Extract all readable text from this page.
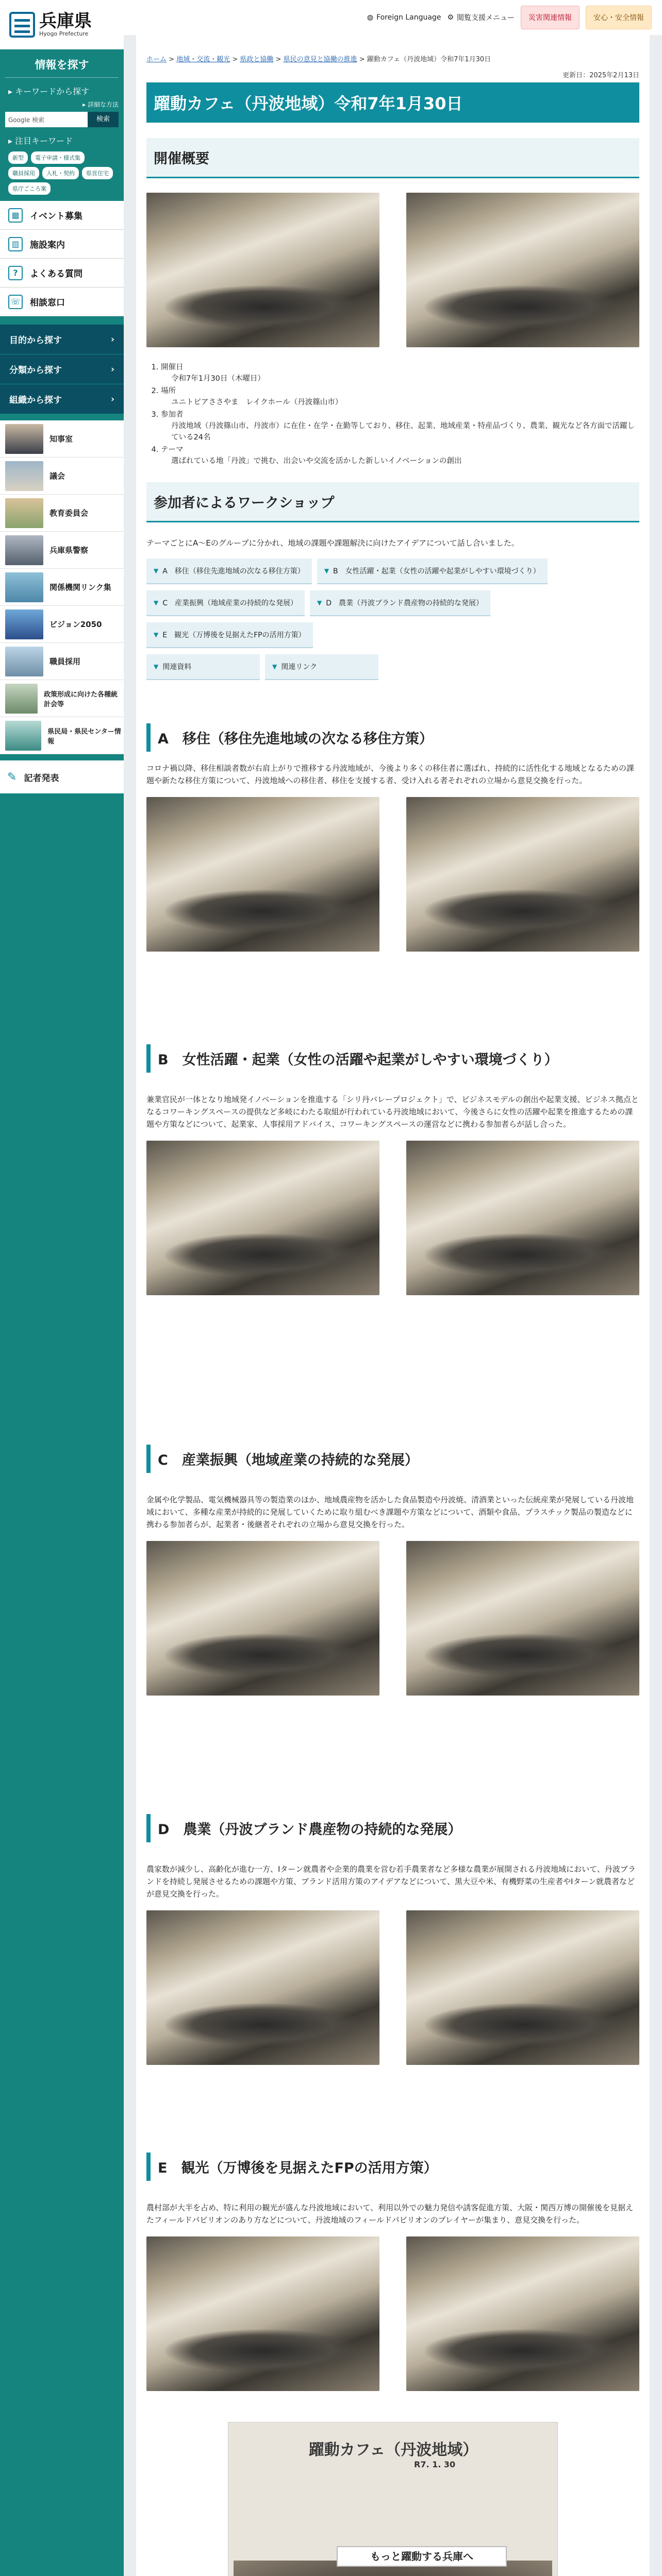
兵庫県
Hyogo Prefecture
情報を探す
▸ キーワードから探す
▸ 詳細な方法
Google 検索	検索
▸ 注目キーワード
新型	電子申請・様式集
職員採用	入札・契約	県営住宅
県庁ごころ案
▦	イベント募集
▥	施設案内
?	よくある質問
☏ 相談窓口
目的から探す	›
分類から探す	›
組織から探す	›
知事室
議会
教育委員会
兵庫県警察
関係機関リンク集
ビジョン2050
職員採用
政策形成に向けた各種統計会等
県民局・県民センター情報
✎ 記者発表
◍ Foreign Language ⚙ 閲覧支援メニュー	災害関連情報	安心・安全情報
ホーム > 地域・交流・観光 > 県政と協働 > 県民の意見と協働の推進 > 躍動カフェ（丹波地域）令和7年1月30日
更新日：2025年2月13日
躍動カフェ（丹波地域）令和7年1月30日
開催概要
1. 開催日
令和7年1月30日（木曜日）
2. 場所
ユニトピアささやま　レイクホール（丹波篠山市）
3. 参加者
丹波地域（丹波篠山市、丹波市）に在住・在学・在勤等しており、移住、起業、地域産業・特産品づくり、農業、観光など各方面で活躍している24名
4. テーマ
選ばれている地「丹波」で挑む、出会いや交流を活かした新しいイノベーションの創出
参加者によるワークショップ
テーマごとにA〜Eのグループに分かれ、地域の課題や課題解決に向けたアイデアについて話し合いました。
▼ A　移住（移住先進地域の次なる移住方策）	▼ B　女性活躍・起業（女性の活躍や起業がしやすい環境づくり）
▼ C　産業振興（地域産業の持続的な発展）	▼ D　農業（丹波ブランド農産物の持続的な発展）
▼ E　観光（万博後を見据えたFPの活用方策）
▼ 関連資料	▼ 関連リンク
A　移住（移住先進地域の次なる移住方策）
コロナ禍以降、移住相談者数が右肩上がりで推移する丹波地域が、今後より多くの移住者に選ばれ、持続的に活性化する地域となるための課題や新たな移住方策について、丹波地域への移住者、移住を支援する者、受け入れる者それぞれの立場から意見交換を行った。
B　女性活躍・起業（女性の活躍や起業がしやすい環境づくり）
兼業官民が一体となり地域発イノベーションを推進する「シリ丹バレープロジェクト」で、ビジネスモデルの創出や起業支援、ビジネス拠点となるコワーキングスペースの提供など多岐にわたる取組が行われている丹波地域において、今後さらに女性の活躍や起業を推進するための課題や方策などについて、起業家、人事採用アドバイス、コワーキングスペースの運営などに携わる参加者らが話し合った。
C　産業振興（地域産業の持続的な発展）
金属や化学製品、電気機械器具等の製造業のほか、地域農産物を活かした食品製造や丹波焼、清酒業といった伝統産業が発展している丹波地域において、多種な産業が持続的に発展していくために取り組むべき課題や方策などについて、酒類や食品、プラスチック製品の製造などに携わる参加者らが、起業者・後継者それぞれの立場から意見交換を行った。
D　農業（丹波ブランド農産物の持続的な発展）
農家数が減少し、高齢化が進む一方、Iターン就農者や企業的農業を営む若手農業者など多様な農業が展開される丹波地域において、丹波ブランドを持続し発展させるための課題や方策、ブランド活用方策のアイデアなどについて、黒大豆や米、有機野菜の生産者やIターン就農者などが意見交換を行った。
E　観光（万博後を見据えたFPの活用方策）
農村部が大半を占め、特に利用の観光が盛んな丹波地域において、利用以外での魅力発信や誘客促進方策、大阪・関西万博の開催後を見据えたフィールドパビリオンのあり方などについて、丹波地域のフィールドパビリオンのプレイヤーが集まり、意見交換を行った。
躍動カフェ（丹波地域）
R7. 1. 30
もっと躍動する兵庫へ
